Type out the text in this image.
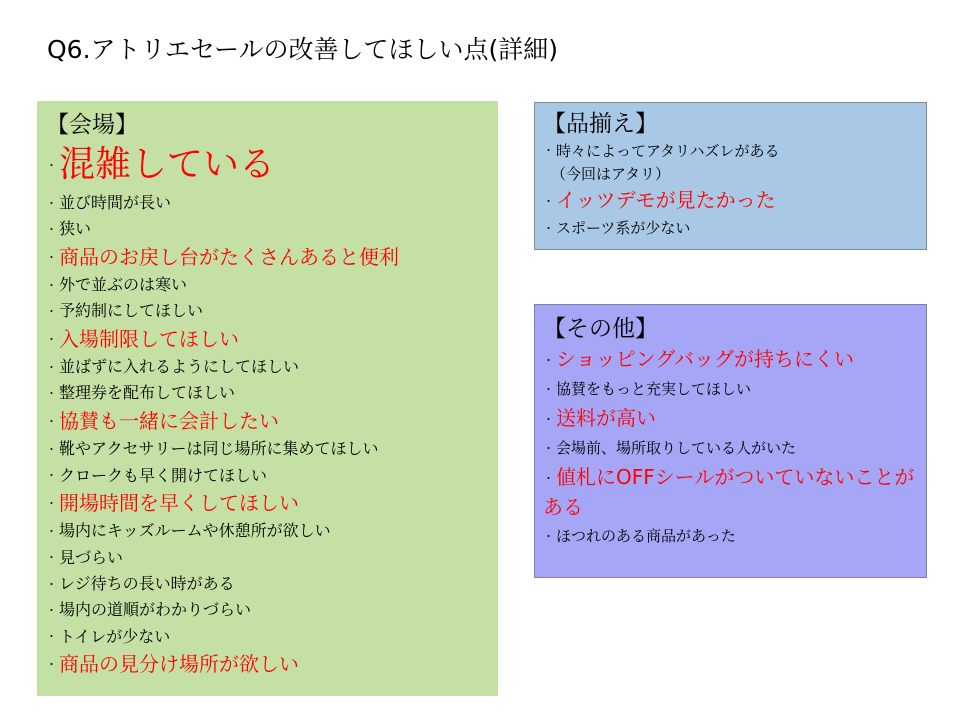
Q6.アトリエセールの改善してほしい点(詳細)
【会場】
・混雑している
・ 並び時間が長い
・ 狭い
・ 商品のお戻し台がたくさんあると便利
・ 外で並ぶのは寒い
・ 予約制にしてほしい
・ 入場制限してほしい
・ 並ばずに入れるようにしてほしい
・ 整理券を配布してほしい
・ 協賛も一緒に会計したい
・ 靴やアクセサリーは同じ場所に集めてほしい
・ クロークも早く開けてほしい
・ 開場時間を早くしてほしい
・ 場内にキッズルームや休憩所が欲しい
・ 見づらい
・ レジ待ちの長い時がある
・ 場内の道順がわかりづらい
・ トイレが少ない
・ 商品の見分け場所が欲しい
【品揃え】
・ 時々によってアタリハズレがある
（今回はアタリ）
・ イッツデモが見たかった
・ スポーツ系が少ない
【その他】
・ ショッピングバッグが持ちにくい
・ 協賛をもっと充実してほしい
・ 送料が高い
・ 会場前、場所取りしている人がいた
・ 値札にOFFシールがついていないことがある
・ ほつれのある商品があった
